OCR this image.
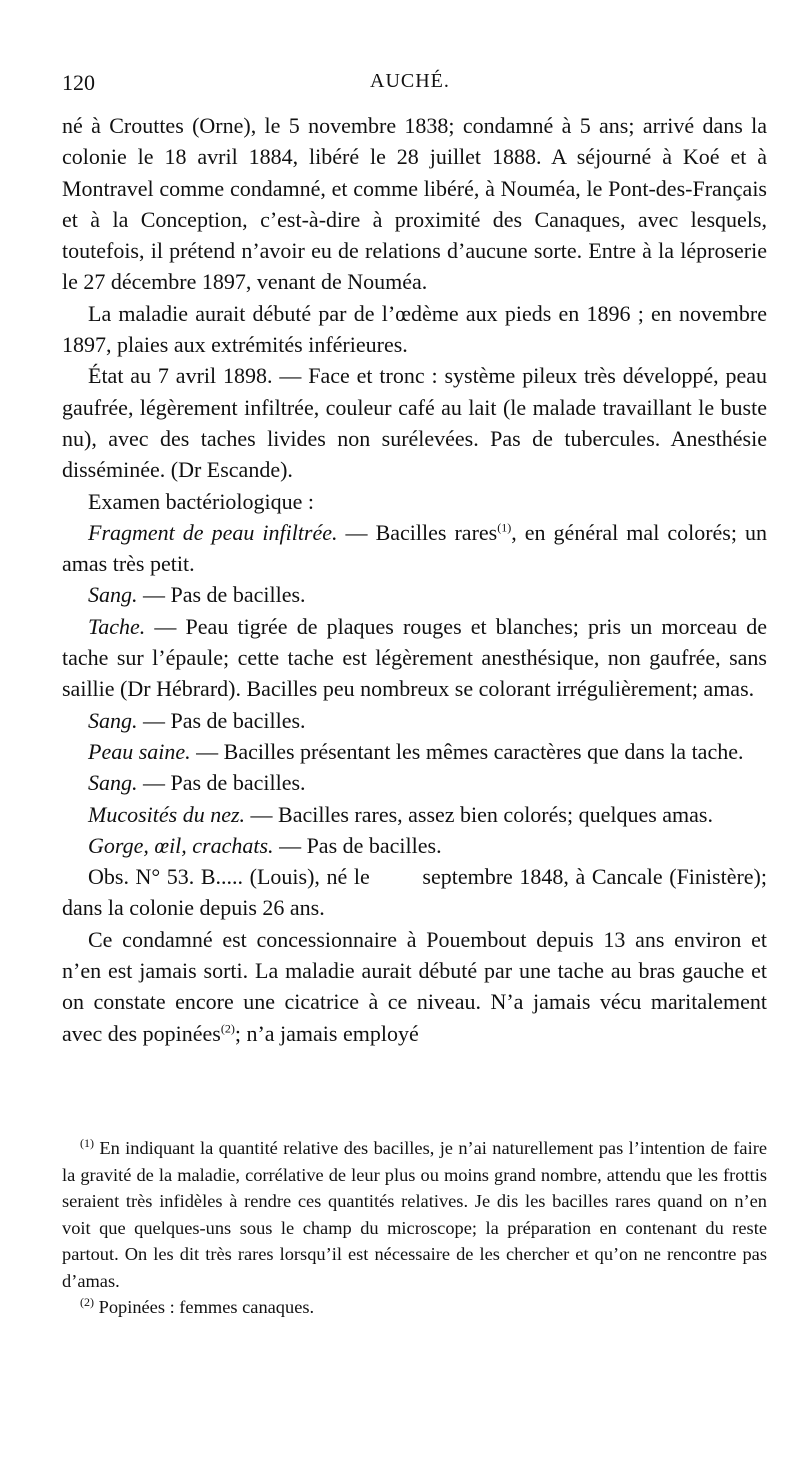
120	AUCHÉ.

né à Crouttes (Orne), le 5 novembre 1838; condamné à 5 ans; arrivé dans la colonie le 18 avril 1884, libéré le 28 juillet 1888. A séjourné à Koé et à Montravel comme condamné, et comme libéré, à Nouméa, le Pont-des-Français et à la Conception, c’est-à-dire à proximité des Canaques, avec lesquels, toutefois, il prétend n’avoir eu de relations d’aucune sorte. Entre à la léproserie le 27 décembre 1897, venant de Nouméa.

La maladie aurait débuté par de l’œdème aux pieds en 1896 ; en novembre 1897, plaies aux extrémités inférieures.

État au 7 avril 1898. — Face et tronc : système pileux très développé, peau gaufrée, légèrement infiltrée, couleur café au lait (le malade travaillant le buste nu), avec des taches livides non surélevées. Pas de tubercules. Anesthésie disséminée. (Dr Escande).

Examen bactériologique :

Fragment de peau infiltrée. — Bacilles rares$^{(1)}$, en général mal colorés; un amas très petit.

Sang. — Pas de bacilles.

Tache. — Peau tigrée de plaques rouges et blanches; pris un morceau de tache sur l’épaule; cette tache est légèrement anesthésique, non gaufrée, sans saillie (Dr Hébrard). Bacilles peu nombreux se colorant irrégulièrement; amas.

Sang. — Pas de bacilles.

Peau saine. — Bacilles présentant les mêmes caractères que dans la tache.

Sang. — Pas de bacilles.

Mucosités du nez. — Bacilles rares, assez bien colorés; quelques amas.

Gorge, œil, crachats. — Pas de bacilles.

Obs. N° 53. B..... (Louis), né le        septembre 1848, à Cancale (Finistère); dans la colonie depuis 26 ans.

Ce condamné est concessionnaire à Pouembout depuis 13 ans environ et n’en est jamais sorti. La maladie aurait débuté par une tache au bras gauche et on constate encore une cicatrice à ce niveau. N’a jamais vécu maritalement avec des popinées$^{(2)}$; n’a jamais employé

$^{(1)}$ En indiquant la quantité relative des bacilles, je n’ai naturellement pas l’intention de faire la gravité de la maladie, corrélative de leur plus ou moins grand nombre, attendu que les frottis seraient très infidèles à rendre ces quantités relatives. Je dis les bacilles rares quand on n’en voit que quelques-uns sous le champ du microscope; la préparation en contenant du reste partout. On les dit très rares lorsqu’il est nécessaire de les chercher et qu’on ne rencontre pas d’amas.

$^{(2)}$ Popinées : femmes canaques.
